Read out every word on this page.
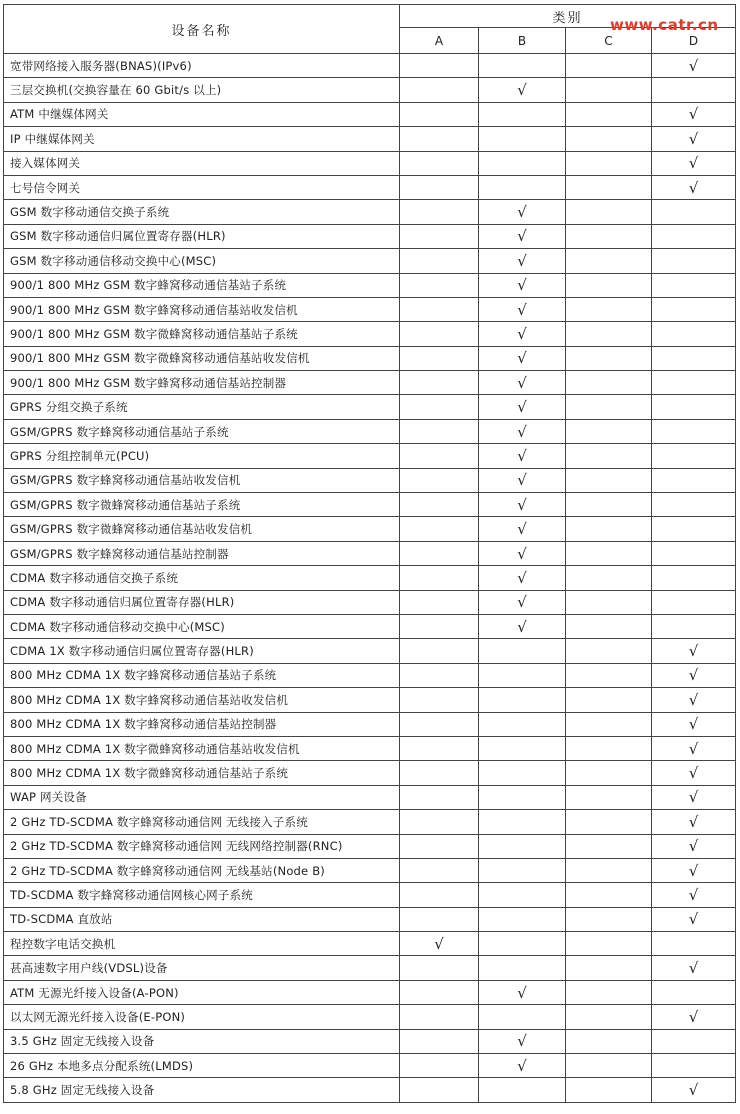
设备名称	类别			
	A	B	C	D
宽带网络接入服务器(BNAS)(IPv6)				√
三层交换机(交换容量在 60 Gbit/s 以上)		√		
ATM 中继媒体网关				√
IP 中继媒体网关				√
接入媒体网关				√
七号信令网关				√
GSM 数字移动通信交换子系统		√		
GSM 数字移动通信归属位置寄存器(HLR)		√		
GSM 数字移动通信移动交换中心(MSC)		√		
900/1 800 MHz GSM 数字蜂窝移动通信基站子系统		√		
900/1 800 MHz GSM 数字蜂窝移动通信基站收发信机		√		
900/1 800 MHz GSM 数字微蜂窝移动通信基站子系统		√		
900/1 800 MHz GSM 数字微蜂窝移动通信基站收发信机		√		
900/1 800 MHz GSM 数字蜂窝移动通信基站控制器		√		
GPRS 分组交换子系统		√		
GSM/GPRS 数字蜂窝移动通信基站子系统		√		
GPRS 分组控制单元(PCU)		√		
GSM/GPRS 数字蜂窝移动通信基站收发信机		√		
GSM/GPRS 数字微蜂窝移动通信基站子系统		√		
GSM/GPRS 数字微蜂窝移动通信基站收发信机		√		
GSM/GPRS 数字蜂窝移动通信基站控制器		√		
CDMA 数字移动通信交换子系统		√		
CDMA 数字移动通信归属位置寄存器(HLR)		√		
CDMA 数字移动通信移动交换中心(MSC)		√		
CDMA 1X 数字移动通信归属位置寄存器(HLR)				√
800 MHz CDMA 1X 数字蜂窝移动通信基站子系统				√
800 MHz CDMA 1X 数字蜂窝移动通信基站收发信机				√
800 MHz CDMA 1X 数字蜂窝移动通信基站控制器				√
800 MHz CDMA 1X 数字微蜂窝移动通信基站收发信机				√
800 MHz CDMA 1X 数字微蜂窝移动通信基站子系统				√
WAP 网关设备				√
2 GHz TD-SCDMA 数字蜂窝移动通信网 无线接入子系统				√
2 GHz TD-SCDMA 数字蜂窝移动通信网 无线网络控制器(RNC)				√
2 GHz TD-SCDMA 数字蜂窝移动通信网 无线基站(Node B)				√
TD-SCDMA 数字蜂窝移动通信网核心网子系统				√
TD-SCDMA 直放站				√
程控数字电话交换机	√			
甚高速数字用户线(VDSL)设备				√
ATM 无源光纤接入设备(A-PON)		√		
以太网无源光纤接入设备(E-PON)				√
3.5 GHz 固定无线接入设备		√		
26 GHz 本地多点分配系统(LMDS)		√		
5.8 GHz 固定无线接入设备				√
www.catr.cn
